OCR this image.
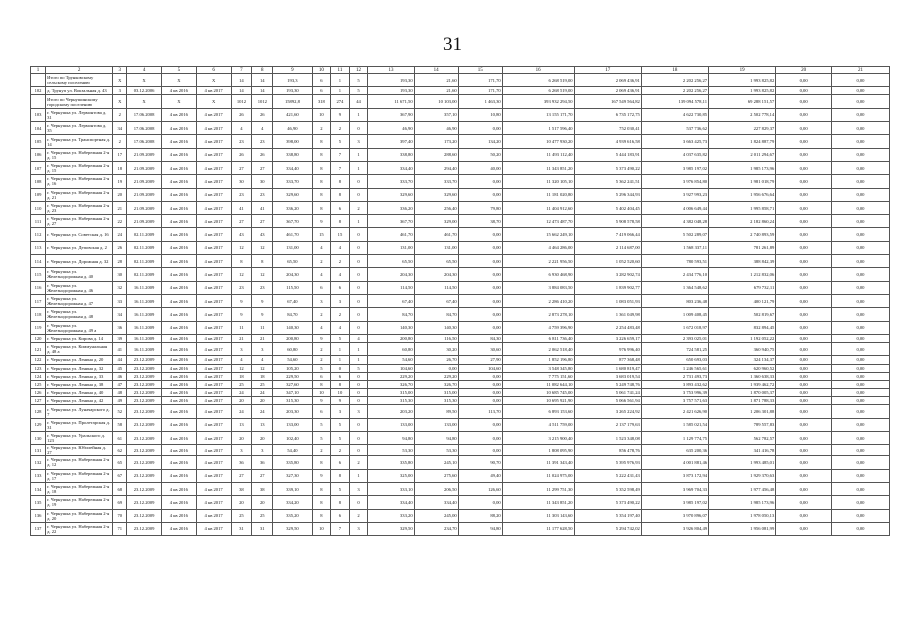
31
1	2	3	4	5	6	7	8	9	10	11	12	13	14	15	16	17	18	19	20	21
	Итого по Трунковскому сельскому поселению	X	X	X	X	14	14	193,3	6	1	5	193,30	21,60	171,70	6 268 519,00	2 069 436,91	2 202 256,27	1 993 825,82	0,00	0,00
102	д. Трунуп ул. Вокзальная д. 43	3	03.12.2006	4 кв 2016	4 кв 2017	14	14	193,30	6	1	5	193,30	21,60	171,70	6 268 519,00	2 069 436,91	2 202 256,27	1 993 825,82	0,00	0,00
	Итого по Чернушинскому городскому поселению	X	X	X	X	1012	1012	15892,8	318	274	44	11 671,50	10 103,00	1 463,30	393 932 294,50	167 549 564,82	139 094 578,11	69 288 151,57	0,00	0,00
103	г. Чернушка ул. Лермонтова д. 31	2	17.06.2008	4 кв 2016	4 кв 2017	26	26	421,60	10	9	1	367,90	357,10	10,80	13 155 171,70	6 735 172,75	4 622 730,85	2 502 778,14	0,00	0,00
104	г. Чернушка ул. Лермонтова д. 35	34	17.06.2008	4 кв 2016	4 кв 2017	4	4	46,90	2	2	0	46,90	46,90	0,00	1 517 596,40	752 030,41	537 736,62	227 829,37	0,00	0,00
105	г. Чернушка ул. Транспортная д. 14	2	17.06.2008	4 кв 2016	4 кв 2017	23	23	398,00	8	5	3	397,40	173,20	134,20	10 477 930,20	4 939 616,58	3 663 425,73	1 824 887,79	0,00	0,00
106	г. Чернушка ул. Набережная 2-я д. 15	17	21.09.2009	4 кв 2016	4 кв 2017	26	26	338,80	8	7	1	338,80	288,60	50,20	11 493 112,40	5 444 183,91	4 037 635,82	2 011 294,67	0,00	0,00
107	г. Чернушка ул. Набережная 2-я д. 15	18	21.09.2009	4 кв 2016	4 кв 2017	27	27	334,40	8	7	1	334,40	294,40	40,00	11 343 851,20	5 373 490,22	3 985 197,02	1 985 173,96	0,00	0,00
108	г. Чернушка ул. Набережная 2-я д. 16	19	21.09.2009	4 кв 2016	4 кв 2017	30	30	333,70	8	8	0	333,70	333,70	0,00	11 320 105,10	5 362 241,51	3 976 854,80	1 981 018,79	0,00	0,00
109	г. Чернушка ул. Набережная 2-я д. 21	20	21.09.2009	4 кв 2016	4 кв 2017	23	23	329,60	8	8	0	329,60	329,60	0,00	11 181 020,80	5 296 344,93	3 927 993,23	1 956 676,64	0,00	0,00
110	г. Чернушка ул. Набережная 2-я д. 23	21	21.09.2009	4 кв 2016	4 кв 2017	41	41	336,20	8	6	2	336,20	256,40	79,80	11 404 912,60	5 402 404,45	4 006 649,44	1 995 858,71	0,00	0,00
111	г. Чернушка ул. Набережная 2-я д. 27	22	21.09.2009	4 кв 2016	4 кв 2017	27	27	367,70	9	8	1	367,70	329,00	38,70	12 473 487,70	5 908 578,58	4 382 048,28	2 182 860,24	0,00	0,00
112	г. Чернушка ул. Советская д. 16	24	02.11.2009	4 кв 2016	4 кв 2017	43	43	461,70	15	15	0	461,70	461,70	0,00	15 662 249,10	7 419 066,44	5 502 289,07	2 740 893,59	0,00	0,00
113	г. Чернушка ул. Деповская д. 2	26	02.11.2009	4 кв 2016	4 кв 2017	12	12	131,00	4	4	0	131,00	131,00	0,00	4 464 286,00	2 114 687,00	1 568 337,11	781 261,89	0,00	0,00
114	г. Чернушка ул. Дорожная д. 32	28	02.11.2009	4 кв 2016	4 кв 2017	8	8	65,50	2	2	0	65,50	65,50	0,00	2 221 956,50	1 052 520,60	780 593,51	388 842,39	0,00	0,00
115	г. Чернушка ул. Железнодорожная д. 40	30	02.11.2009	4 кв 2016	4 кв 2017	12	12	204,30	4	4	0	204,30	204,30	0,00	6 930 468,90	3 282 902,74	2 434 776,10	1 212 832,06	0,00	0,00
116	г. Чернушка ул. Железнодорожная д. 46	32	16.11.2009	4 кв 2016	4 кв 2017	23	23	115,50	6	6	0	114,50	114,50	0,00	3 884 083,50	1 839 902,77	1 364 548,62	679 732,11	0,00	0,00
117	г. Чернушка ул. Железнодорожная д. 47	33	16.11.2009	4 кв 2016	4 кв 2017	9	9	67,40	3	3	0	67,40	67,40	0,00	2 286 410,20	1 083 051,93	803 236,48	400 121,79	0,00	0,00
118	г. Чернушка ул. Железнодорожная д. 48	34	16.11.2009	4 кв 2016	4 кв 2017	9	9	84,70	2	2	0	84,70	84,70	0,00	2 873 278,10	1 361 049,98	1 009 408,45	502 819,67	0,00	0,00
119	г. Чернушка ул. Железнодорожная д. 49 а	36	16.11.2009	4 кв 2016	4 кв 2017	11	11	140,30	4	4	0	140,30	140,30	0,00	4 759 396,90	2 254 483,48	1 672 018,97	832 894,45	0,00	0,00
120	г. Чернушка ул. Кирова д. 14	39	16.11.2009	4 кв 2016	4 кв 2017	21	21	200,80	9	5	4	200,80	116,50	84,30	6 811 736,40	3 226 659,17	2 393 025,01	1 192 052,22	0,00	0,00
121	г. Чернушка ул. Коммунальная д. 48 а	41	16.11.2009	4 кв 2016	4 кв 2017	3	3	60,80	2	1	1	60,80	30,20	30,60	2 062 518,40	976 996,40	724 581,25	360 940,75	0,00	0,00
122	г. Чернушка ул. Ленина д. 20	44	23.12.2009	4 кв 2016	4 кв 2017	4	4	54,60	2	1	1	54,60	26,70	27,90	1 852 196,80	877 368,48	650 693,03	324 134,37	0,00	0,00
123	г. Чернушка ул. Ленина д. 32	45	23.12.2009	4 кв 2016	4 кв 2017	12	12	105,20	5	0	5	104,60	0,00	104,60	3 548 345,80	1 680 819,47	1 246 565,61	620 960,52	0,00	0,00
124	г. Чернушка ул. Ленина д. 33	46	23.12.2009	4 кв 2016	4 кв 2017	18	18	229,50	6	6	0	229,20	229,20	0,00	7 775 151,60	3 683 019,54	2 731 493,73	1 360 638,33	0,00	0,00
125	г. Чернушка ул. Ленина д. 38	47	23.12.2009	4 кв 2016	4 кв 2017	25	25	327,60	8	8	0	326,70	326,70	0,00	11 082 644,10	5 249 748,76	3 893 432,62	1 939 462,72	0,00	0,00
126	г. Чернушка ул. Ленина д. 40	48	23.12.2009	4 кв 2016	4 кв 2017	24	24	347,10	10	10	0	315,00	315,00	0,00	10 685 745,00	5 061 741,24	3 753 996,39	1 870 005,37	0,00	0,00
127	г. Чернушка ул. Ленина д. 42	49	23.12.2009	4 кв 2016	4 кв 2017	20	20	315,30	9	9	0	315,30	315,30	0,00	10 695 921,90	5 066 561,94	3 757 571,63	1 871 788,33	0,00	0,00
128	г. Чернушка ул. Луначарского д. 7	52	23.12.2009	4 кв 2016	4 кв 2017	24	24	203,30	6	3	3	203,20	89,50	113,70	6 893 153,60	3 265 224,92	2 421 626,90	1 206 301,88	0,00	0,00
129	г. Чернушка ул. Пролетарская д. 31	58	23.12.2009	4 кв 2016	4 кв 2017	13	13	133,00	5	5	0	133,00	133,00	0,00	4 511 759,00	2 137 179,63	1 585 021,54	789 557,83	0,00	0,00
130	г. Чернушка ул. Уральского д. 123	61	23.12.2009	4 кв 2016	4 кв 2017	20	20	102,40	5	5	0	94,80	94,80	0,00	3 215 900,40	1 523 348,08	1 129 774,75	562 782,57	0,00	0,00
131	г. Чернушка ул. Юбилейная д. 27	62	23.12.2009	4 кв 2016	4 кв 2017	3	3	54,40	2	2	0	53,30	53,30	0,00	1 808 095,90	856 478,76	635 200,36	341 416,78	0,00	0,00
132	г. Чернушка ул. Набережная 2-я д. 12	65	23.12.2009	4 кв 2016	4 кв 2017	36	36	335,80	8	6	2	335,80	245,10	90,70	11 391 343,40	5 395 976,93	4 001 881,46	1 993 485,01	0,00	0,00
133	г. Чернушка ул. Набережная 2-я д. 17	67	23.12.2009	4 кв 2016	4 кв 2017	27	27	327,30	9	8	1	325,00	275,60	49,40	11 024 975,00	5 222 431,43	3 873 172,94	1 929 370,63	0,00	0,00
134	г. Чернушка ул. Набережная 2-я д. 18	68	23.12.2009	4 кв 2016	4 кв 2017	38	38	339,10	8	5	3	333,10	206,50	126,60	11 299 751,30	5 352 598,49	3 969 704,33	1 977 456,48	0,00	0,00
135	г. Чернушка ул. Набережная 2-я д. 19	69	23.12.2009	4 кв 2016	4 кв 2017	20	20	334,20	8	8	0	334,40	334,40	0,00	11 343 851,20	5 373 490,22	3 985 197,02	1 985 173,96	0,00	0,00
136	г. Чернушка ул. Набережная 2-я д. 20	70	23.12.2009	4 кв 2016	4 кв 2017	25	25	335,20	8	6	2	333,20	245,00	88,20	11 303 143,60	5 354 197,40	3 970 896,07	1 978 050,13	0,00	0,00
137	г. Чернушка ул. Набережная 2-я д. 22	71	23.12.2009	4 кв 2016	4 кв 2017	31	31	329,50	10	7	3	329,50	234,70	94,80	11 177 628,50	5 294 742,02	3 926 804,49	1 956 081,99	0,00	0,00
